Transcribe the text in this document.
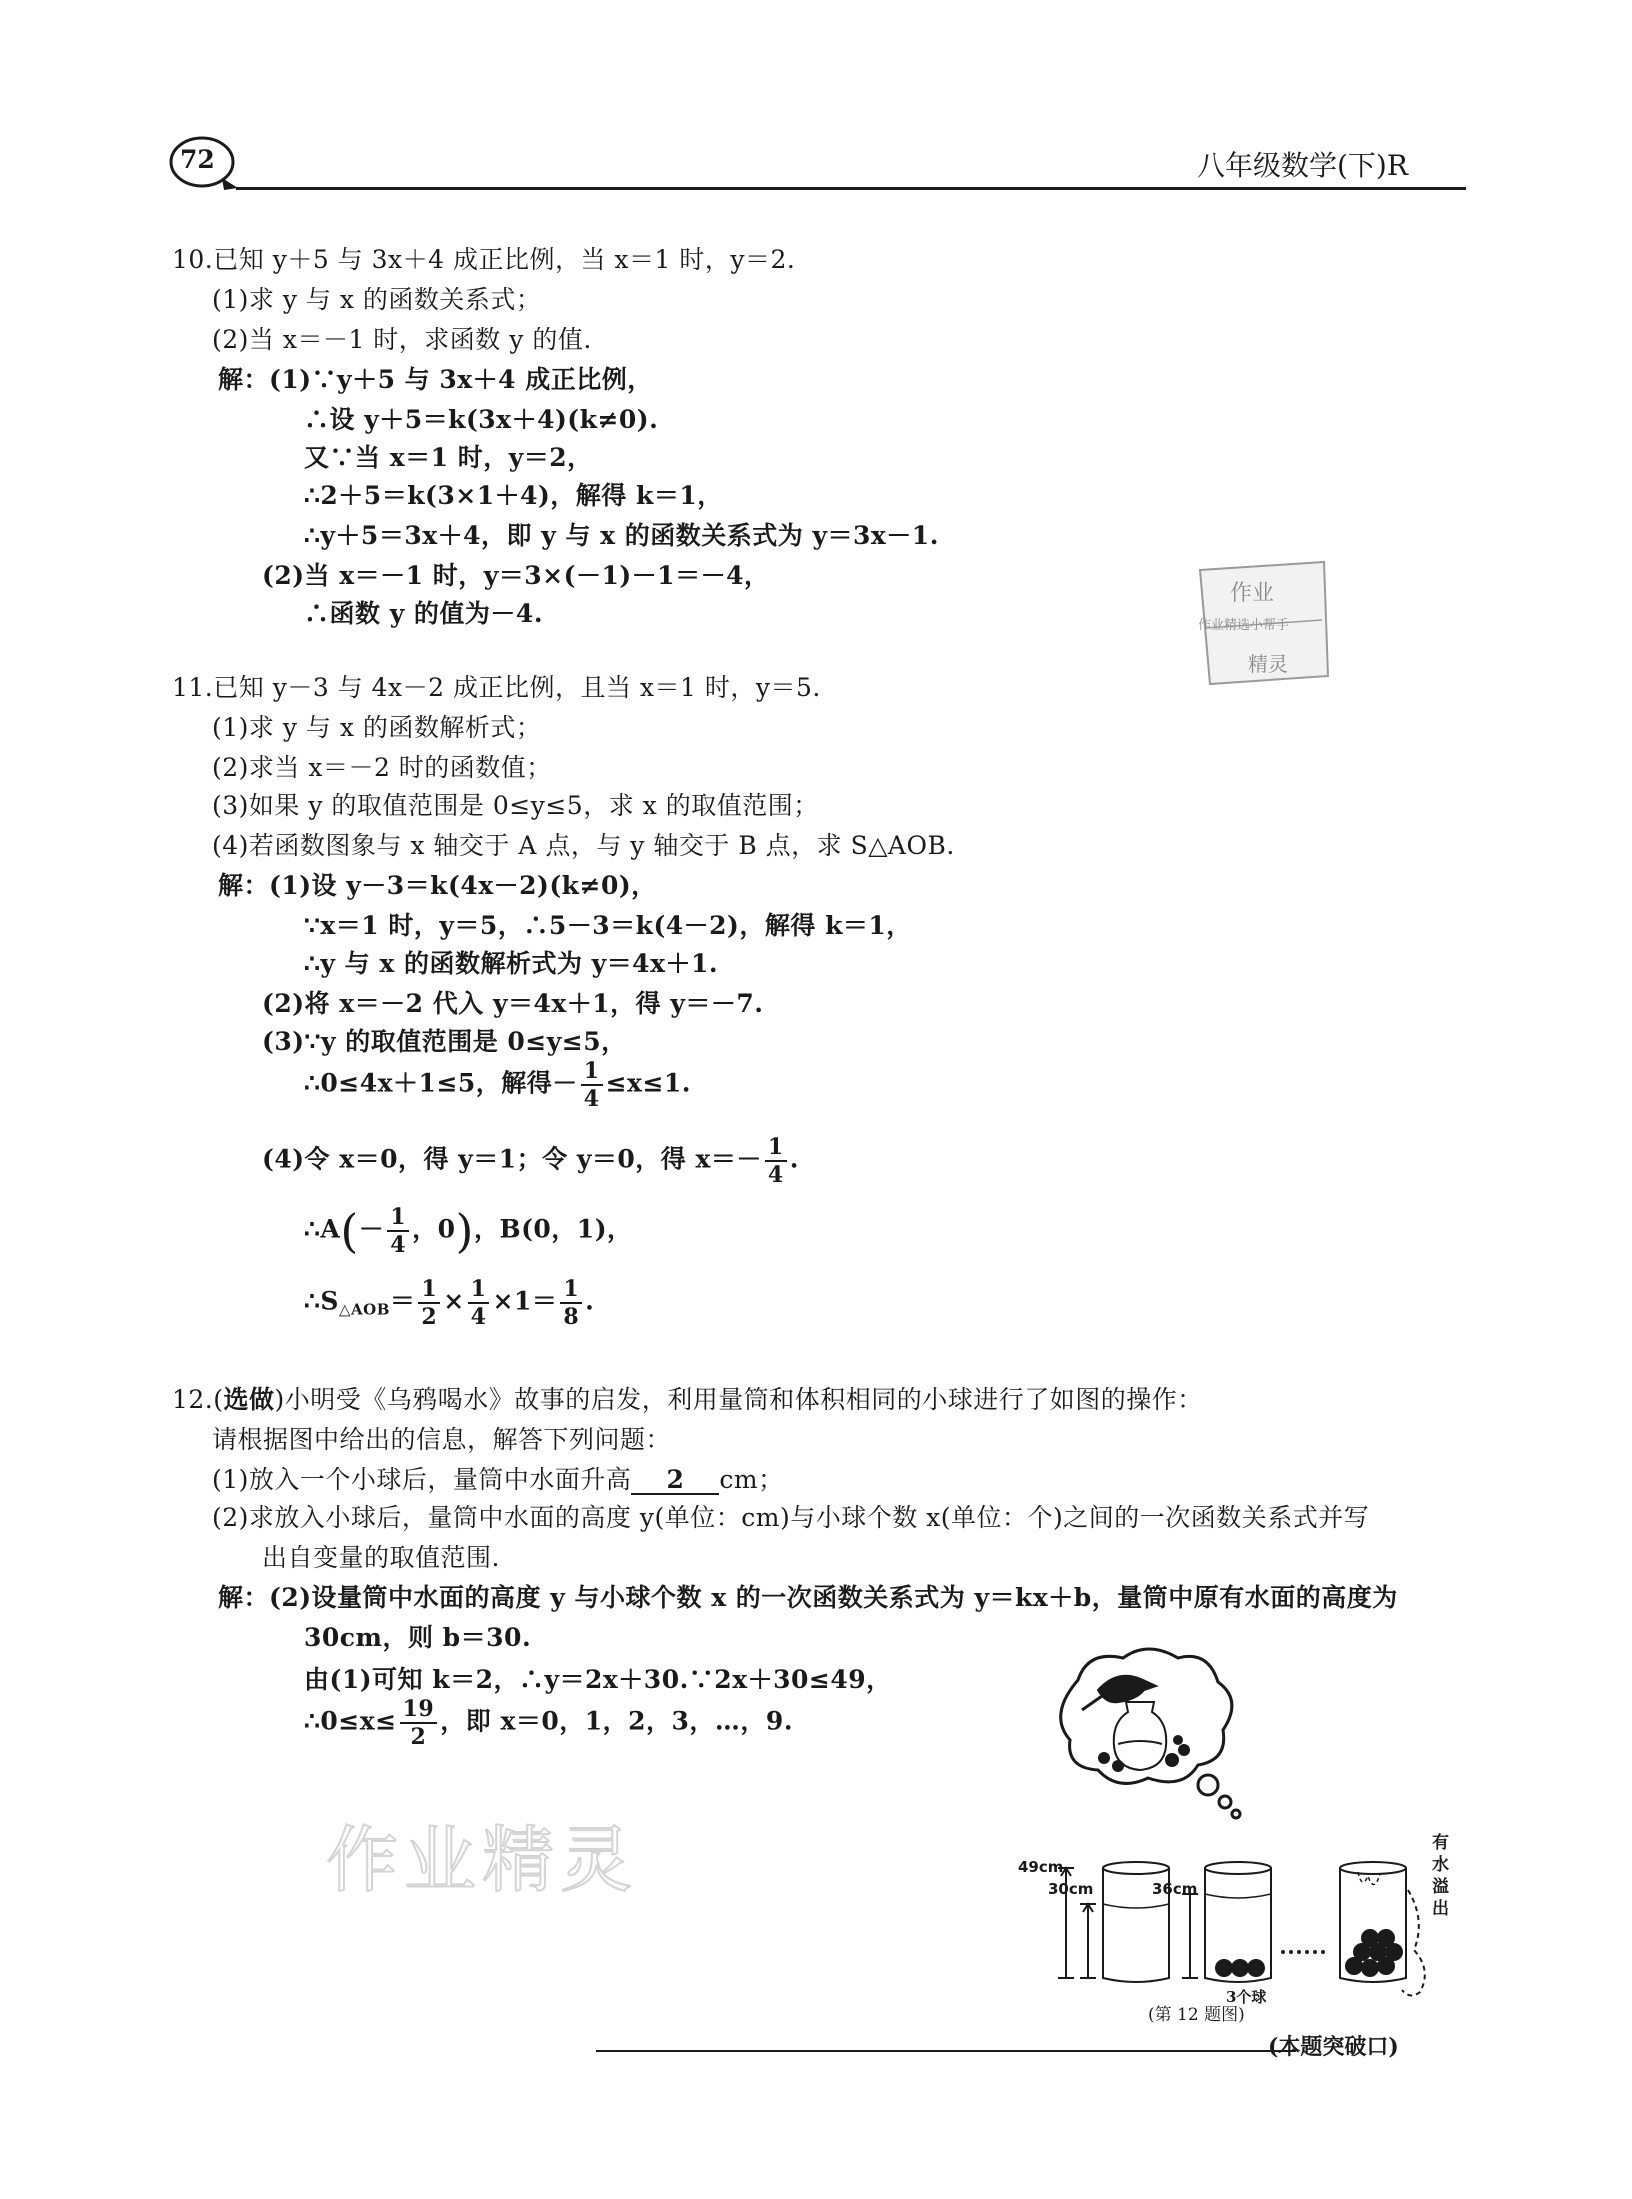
72	八年级数学(下)R
10.已知 y＋5 与 3x＋4 成正比例，当 x＝1 时，y＝2.
(1)求 y 与 x 的函数关系式；
(2)当 x＝－1 时，求函数 y 的值.
解：(1)∵y＋5 与 3x＋4 成正比例，
∴设 y＋5＝k(3x＋4)(k≠0).
又∵当 x＝1 时，y＝2，
∴2＋5＝k(3×1＋4)，解得 k＝1，
∴y＋5＝3x＋4，即 y 与 x 的函数关系式为 y＝3x－1.
(2)当 x＝－1 时，y＝3×(－1)－1＝－4，
∴函数 y 的值为－4.
作业
作业精选小帮手
精灵
11.已知 y－3 与 4x－2 成正比例，且当 x＝1 时，y＝5.
(1)求 y 与 x 的函数解析式；
(2)求当 x＝－2 时的函数值；
(3)如果 y 的取值范围是 0≤y≤5，求 x 的取值范围；
(4)若函数图象与 x 轴交于 A 点，与 y 轴交于 B 点，求 S△AOB.
解：(1)设 y－3＝k(4x－2)(k≠0)，
∵x＝1 时，y＝5，∴5－3＝k(4－2)，解得 k＝1，
∴y 与 x 的函数解析式为 y＝4x＋1.
(2)将 x＝－2 代入 y＝4x＋1，得 y＝－7.
(3)∵y 的取值范围是 0≤y≤5，
∴0≤4x＋1≤5，解得－ $\frac{1}{4} \le x\le 1$.
(4)令 x＝0，得 y＝1；令 y＝0，得 $x=- \frac{1}{4}$ .
∴A(－ $\frac{1}{4}$ ，0)，B(0，1)，
$\therefore S_{\triangle AOB}= \frac{1}{2} \times \frac{1}{4} \times 1= \frac{1}{8}$ .
12.(选做)小明受《乌鸦喝水》故事的启发，利用量筒和体积相同的小球进行了如图的操作：
请根据图中给出的信息，解答下列问题：
(1)放入一个小球后，量筒中水面升高 2 cm；
(2)求放入小球后，量筒中水面的高度 y(单位：cm)与小球个数 x(单位：个)之间的一次函数关系式并写
出自变量的取值范围.
解：(2)设量筒中水面的高度 y 与小球个数 x 的一次函数关系式为 y＝kx＋b，量筒中原有水面的高度为
30cm，则 b＝30.
由(1)可知 k＝2，∴y＝2x＋30.∵2x＋30≤49，
∴0≤x≤ $\frac{19}{2}$ ，即 x＝0，1，2，3，…，9.
作业精灵	49cm
30cm	36cm
3个球
有
水
溢
出
(第 12 题图)
(本题突破口)
